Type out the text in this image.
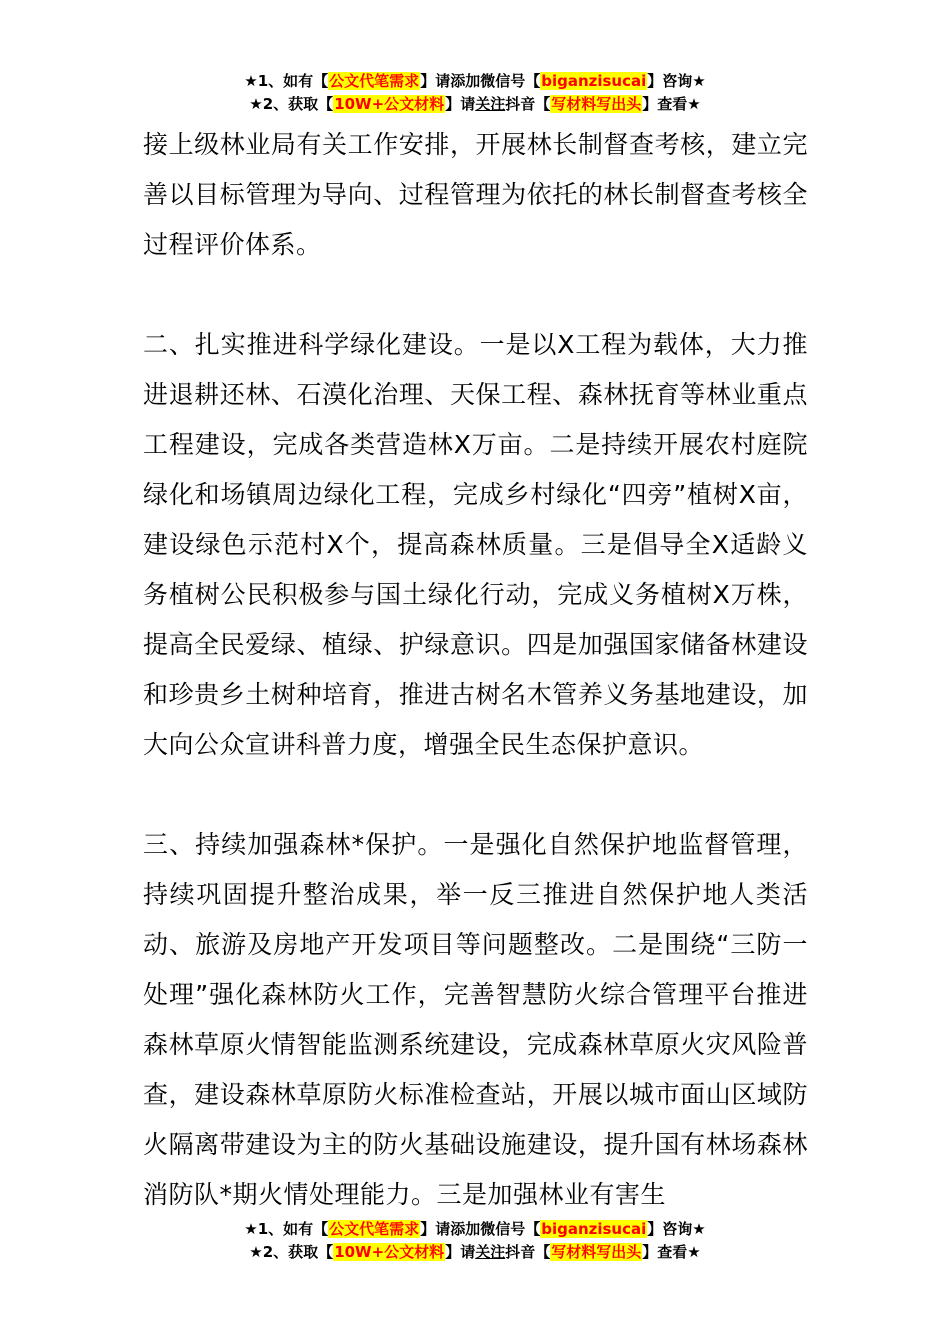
★1、如有【公文代笔需求】请添加微信号【biganzisucai】咨询★
★2、获取【10W+公文材料】请关注抖音【写材料写出头】查看★

接上级林业局有关工作安排，开展林长制督查考核，建立完善以目标管理为导向、过程管理为依托的林长制督查考核全过程评价体系。

二、扎实推进科学绿化建设。一是以X工程为载体，大力推进退耕还林、石漠化治理、天保工程、森林抚育等林业重点工程建设，完成各类营造林X万亩。二是持续开展农村庭院绿化和场镇周边绿化工程，完成乡村绿化“四旁”植树X亩，建设绿色示范村X个，提高森林质量。三是倡导全X适龄义务植树公民积极参与国土绿化行动，完成义务植树X万株，提高全民爱绿、植绿、护绿意识。四是加强国家储备林建设和珍贵乡土树种培育，推进古树名木管养义务基地建设，加大向公众宣讲科普力度，增强全民生态保护意识。

三、持续加强森林*保护。一是强化自然保护地监督管理，持续巩固提升整治成果，举一反三推进自然保护地人类活动、旅游及房地产开发项目等问题整改。二是围绕“三防一处理”强化森林防火工作，完善智慧防火综合管理平台推进森林草原火情智能监测系统建设，完成森林草原火灾风险普查，建设森林草原防火标准检查站，开展以城市面山区域防火隔离带建设为主的防火基础设施建设，提升国有林场森林消防队*期火情处理能力。三是加强林业有害生

★1、如有【公文代笔需求】请添加微信号【biganzisucai】咨询★
★2、获取【10W+公文材料】请关注抖音【写材料写出头】查看★
